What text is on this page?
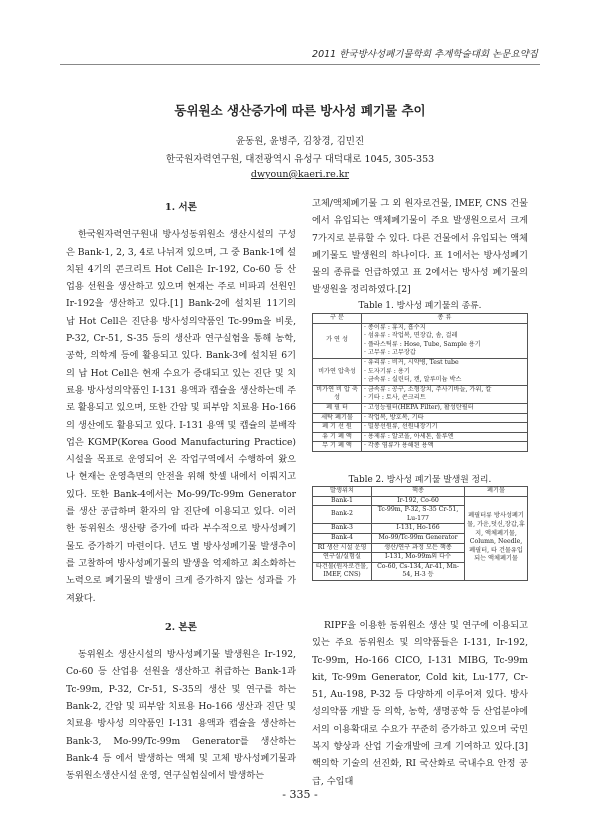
2011 한국방사성폐기물학회 추계학술대회 논문요약집
동위원소 생산증가에 따른 방사성 폐기물 추이
윤동원, 윤병주, 김창경, 김민진
한국원자력연구원, 대전광역시 유성구 대덕대로 1045, 305-353
dwyoun@kaeri.re.kr
1. 서론

한국원자력연구원내 방사성동위원소 생산시설의 구성은 Bank-1, 2, 3, 4로 나뉘져 있으며, 그 중 Bank-1에 설치된 4기의 콘크리트 Hot Cell은 Ir-192, Co-60 등 산업용 선원을 생산하고 있으며 현재는 주로 비파괴 선원인 Ir-192을 생산하고 있다.[1] Bank-2에 설치된 11기의 납 Hot Cell은 진단용 방사성의약품인 Tc-99m을 비롯, P-32, Cr-51, S-35 등의 생산과 연구실험을 통해 농학, 공학, 의학계 등에 활용되고 있다. Bank-3에 설치된 6기의 납 Hot Cell은 현재 수요가 증대되고 있는 진단 및 치료용 방사성의약품인 I-131 용액과 캡슐을 생산하는데 주로 활용되고 있으며, 또한 간암 및 피부암 치료용 Ho-166의 생산에도 활용되고 있다. I-131 용액 및 캡슐의 분배작업은 KGMP(Korea Good Manufacturing Practice)시설을 목표로 운영되어 온 작업구역에서 수행하여 왔으나 현재는 운영측면의 안전을 위해 핫셀 내에서 이뤄지고 있다. 또한 Bank-4에서는 Mo-99/Tc-99m Generator를 생산 공급하며 환자의 암 진단에 이용되고 있다. 이러한 동위원소 생산량 증가에 따라 부수적으로 방사성폐기물도 증가하기 마련이다. 년도 별 방사성폐기물 발생추이를 고찰하여 방사성폐기물의 발생을 억제하고 최소화하는 노력으로 폐기물의 발생이 크게 증가하지 않는 성과를 가져왔다.

2. 본론

동위원소 생산시설의 방사성폐기물 발생원은 Ir-192, Co-60 등 산업용 선원을 생산하고 취급하는 Bank-1과 Tc-99m, P-32, Cr-51, S-35의 생산 및 연구를 하는 Bank-2, 간암 및 피부암 치료용 Ho-166 생산과 진단 및 치료용 방사성 의약품인 I-131 용액과 캡슐을 생산하는 Bank-3, Mo-99/Tc-99m Generator를 생산하는 Bank-4 등 에서 발생하는 액체 및 고체 방사성폐기물과 동위원소생산시설 운영, 연구실험실에서 발생하는

고체/액체폐기물 그 외 원자로건물, IMEF, CNS 건물에서 유입되는 액체폐기물이 주요 발생원으로서 크게 7가지로 분류할 수 있다. 다른 건물에서 유입되는 액체폐기물도 발생원의 하나이다. 표 1에서는 방사성폐기물의 종류를 언급하였고 표 2에서는 방사성 폐기물의 발생원을 정리하였다.[2]

Table 1. 방사성 폐기물의 종류.
구 분	종 류
가 연 성	· 종이류 : 휴지, 흡수지
· 섬유류 : 작업복, 면장갑, 솜, 걸레
· 플라스틱류 : Hose, Tube, Sample 용기
· 고무류 : 고무장갑

비가연 압축성	· 유리류 : 비커, 시약병, Test tube
· 도자기류 : 용기
· 금속류 : 실린더, 캔, 알루미늄 박스

비가연 비 압 축 성	· 금속류 : 공구, 소형장치, 주사기바늘, 가위, 칼
· 기타 : 토사, 콘크리트

폐 필 터	· 고성능필터(HEPA Filter), 활성탄필터

세탁 폐기물	· 작업복, 방호복, 기타

폐 기 선 원	· 밀봉선원류, 선원내장기기

유 기 폐 액	· 용제류 : 알코올, 아세톤, 톨루엔

무 기 폐 액	· 각종 염류가 용해된 용액
Table 2. 방사성 폐기물 발생원 정리.
발생위치	핵종	폐기물
Bank-1	Ir-192, Co-60	폐필터류 방사성폐기물, 가운,덧신,장갑,휴지, 액체폐기물, Column, Needle, 폐필터, 타 건물유입 되는 액체폐기물
Bank-2	Tc-99m, P-32, S-35 Cr-51, Lu-177	
Bank-3	I-131, Ho-166	
Bank-4	Mo-99/Tc-99m Generator	
RI 생산 시설 운영	생산/연구 과정 모든 핵종	
연구실/실험실	I-131, Mo-99m외 다수	
타건물(원자로건물, IMEF, CNS)	Co-60, Cs-134, Ar-41, Mn-54, H-3 등	

RIPF을 이용한 동위원소 생산 및 연구에 이용되고 있는 주요 동위원소 및 의약품들은 I-131, Ir-192, Tc-99m, Ho-166 CICO, I-131 MIBG, Tc-99m kit, Tc-99m Generator, Cold kit, Lu-177, Cr-51, Au-198, P-32 등 다양하게 이루어져 있다. 방사성의약품 개발 등 의학, 농학, 생명공학 등 산업분야에서의 이용확대로 수요가 꾸준히 증가하고 있으며 국민복지 향상과 산업 기술개발에 크게 기여하고 있다.[3] 핵의학 기술의 선진화, RI 국산화로 국내수요 안정 공급, 수입대

- 335 -
